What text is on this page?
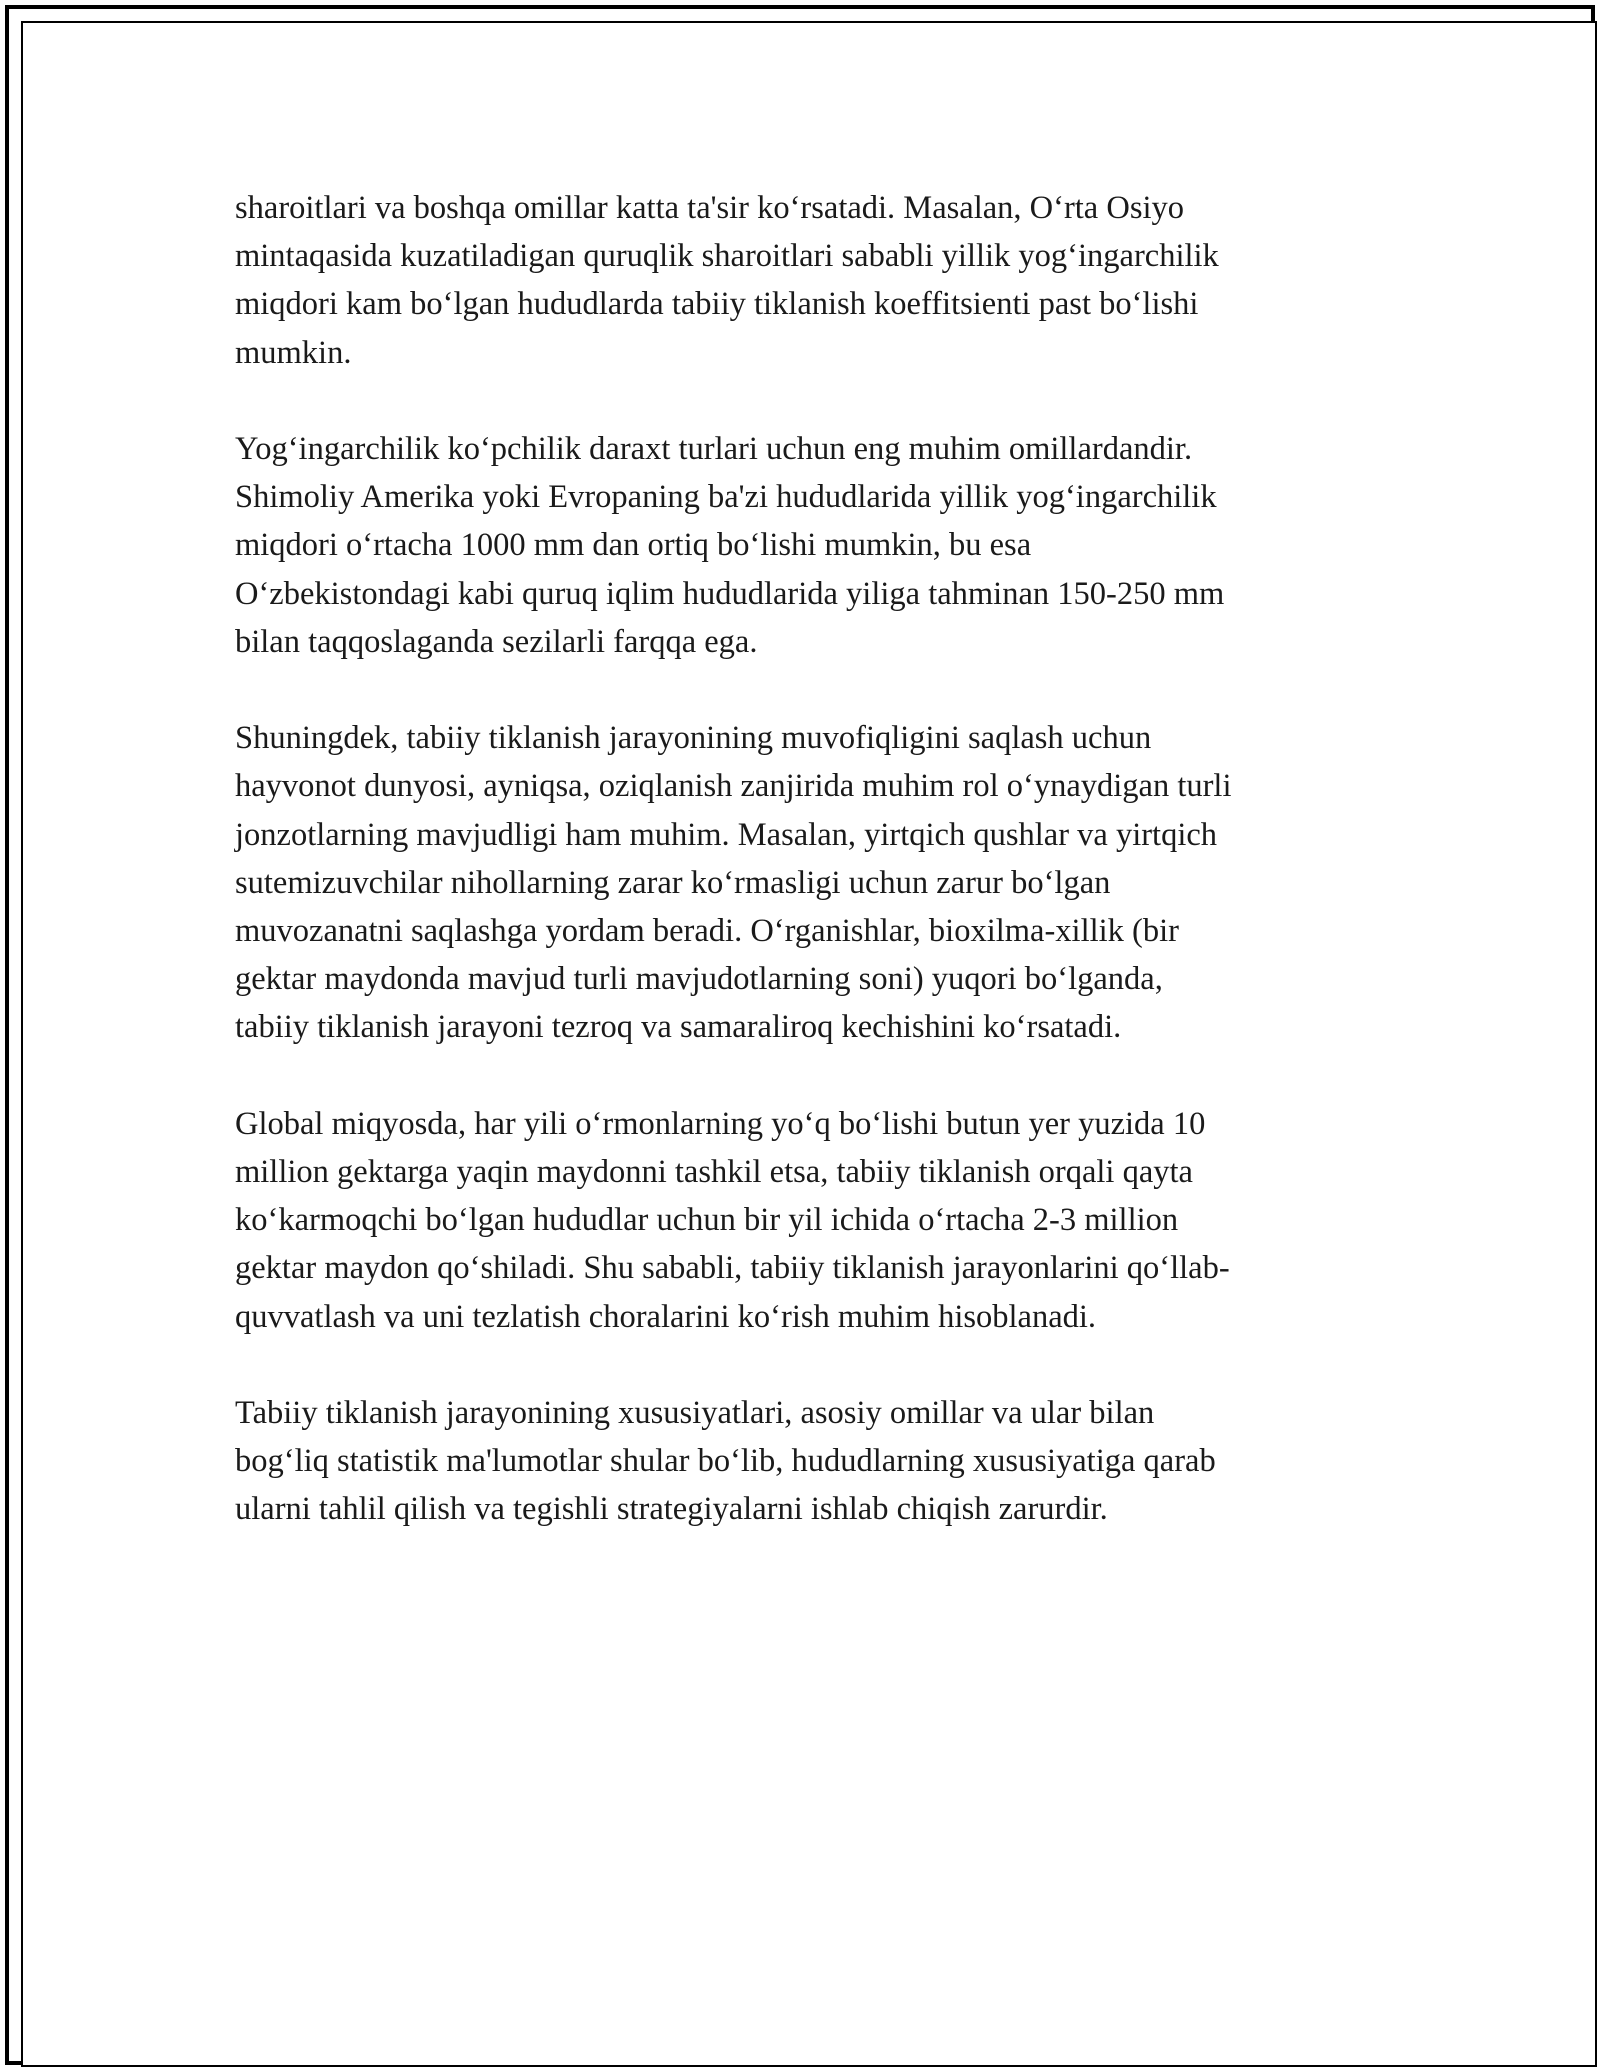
sharoitlari va boshqa omillar katta ta'sir koʻrsatadi. Masalan, Oʻrta Osiyo
mintaqasida kuzatiladigan quruqlik sharoitlari sababli yillik yogʻingarchilik
miqdori kam boʻlgan hududlarda tabiiy tiklanish koeffitsienti past boʻlishi
mumkin.

Yogʻingarchilik koʻpchilik daraxt turlari uchun eng muhim omillardandir.
Shimoliy Amerika yoki Evropaning ba'zi hududlarida yillik yogʻingarchilik
miqdori oʻrtacha 1000 mm dan ortiq boʻlishi mumkin, bu esa
Oʻzbekistondagi kabi quruq iqlim hududlarida yiliga tahminan 150-250 mm
bilan taqqoslaganda sezilarli farqqa ega.

Shuningdek, tabiiy tiklanish jarayonining muvofiqligini saqlash uchun
hayvonot dunyosi, ayniqsa, oziqlanish zanjirida muhim rol oʻynaydigan turli
jonzotlarning mavjudligi ham muhim. Masalan, yirtqich qushlar va yirtqich
sutemizuvchilar nihollarning zarar koʻrmasligi uchun zarur boʻlgan
muvozanatni saqlashga yordam beradi. Oʻrganishlar, bioxilma-xillik (bir
gektar maydonda mavjud turli mavjudotlarning soni) yuqori boʻlganda,
tabiiy tiklanish jarayoni tezroq va samaraliroq kechishini koʻrsatadi.

Global miqyosda, har yili oʻrmonlarning yoʻq boʻlishi butun yer yuzida 10
million gektarga yaqin maydonni tashkil etsa, tabiiy tiklanish orqali qayta
koʻkarmoqchi boʻlgan hududlar uchun bir yil ichida oʻrtacha 2-3 million
gektar maydon qoʻshiladi. Shu sababli, tabiiy tiklanish jarayonlarini qoʻllab-
quvvatlash va uni tezlatish choralarini koʻrish muhim hisoblanadi.

Tabiiy tiklanish jarayonining xususiyatlari, asosiy omillar va ular bilan
bogʻliq statistik ma'lumotlar shular boʻlib, hududlarning xususiyatiga qarab
ularni tahlil qilish va tegishli strategiyalarni ishlab chiqish zarurdir.
